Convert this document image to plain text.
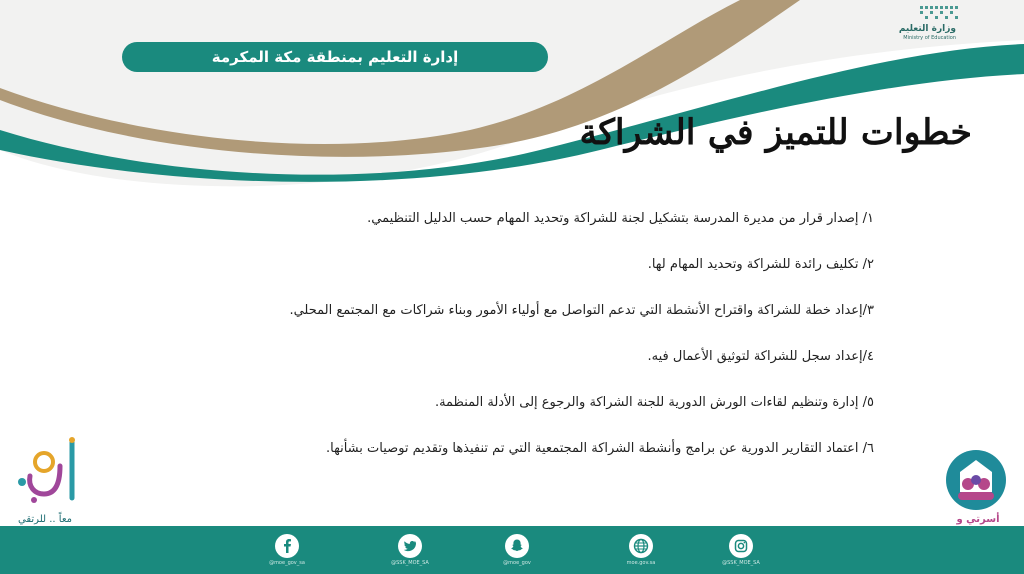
وزارة التعليم
Ministry of Education
إدارة التعليم بمنطقة مكة المكرمة
خطوات للتميز في الشراكة
١/ إصدار قرار من مديرة المدرسة بتشكيل لجنة للشراكة وتحديد المهام حسب الدليل التنظيمي.
٢/ تكليف رائدة للشراكة وتحديد المهام لها.
٣/إعداد خطة للشراكة واقتراح الأنشطة التي تدعم التواصل مع أولياء الأمور وبناء شراكات مع المجتمع المحلي.
٤/إعداد سجل للشراكة لتوثيق الأعمال فيه.
٥/ إدارة وتنظيم لقاءات الورش الدورية للجنة الشراكة والرجوع إلى الأدلة المنظمة.
٦/ اعتماد التقارير الدورية عن برامج وأنشطة الشراكة المجتمعية التي تم تنفيذها وتقديم توصيات بشأنها.
معاً .. للرتقي	أسرتي و
@moe_gov_sa	@SSK_MOE_SA	@moe_gov	moe.gov.sa	@SSK_MOE_SA
